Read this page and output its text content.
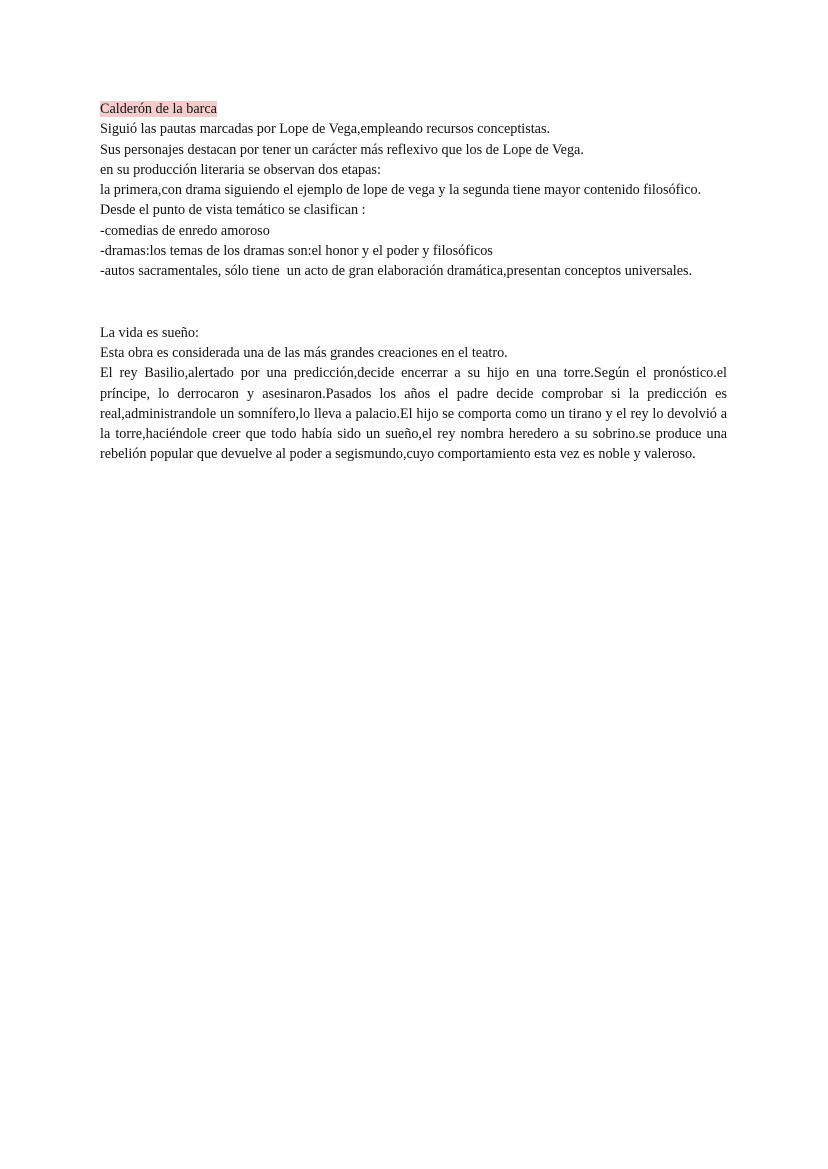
Calderón de la barca
Siguió las pautas marcadas por Lope de Vega,empleando recursos conceptistas.
Sus personajes destacan por tener un carácter más reflexivo que los de Lope de Vega.
en su producción literaria se observan dos etapas:
la primera,con drama siguiendo el ejemplo de lope de vega y la segunda tiene mayor contenido filosófico.
Desde el punto de vista temático se clasifican :
-comedias de enredo amoroso
-dramas:los temas de los dramas son:el honor y el poder y filosóficos
-autos sacramentales, sólo tiene  un acto de gran elaboración dramática,presentan conceptos universales.
La vida es sueño:
Esta obra es considerada una de las más grandes creaciones en el teatro.
El rey Basilio,alertado por una predicción,decide encerrar a su hijo en una torre.Según el pronóstico.el príncipe, lo derrocaron y asesinaron.Pasados los años el padre decide comprobar si la predicción es real,administrandole un somnífero,lo lleva a palacio.El hijo se comporta como un tirano y el rey lo devolvió a la torre,haciéndole creer que todo había sido un sueño,el rey nombra heredero a su sobrino.se produce una rebelión popular que devuelve al poder a segismundo,cuyo comportamiento esta vez es noble y valeroso.
